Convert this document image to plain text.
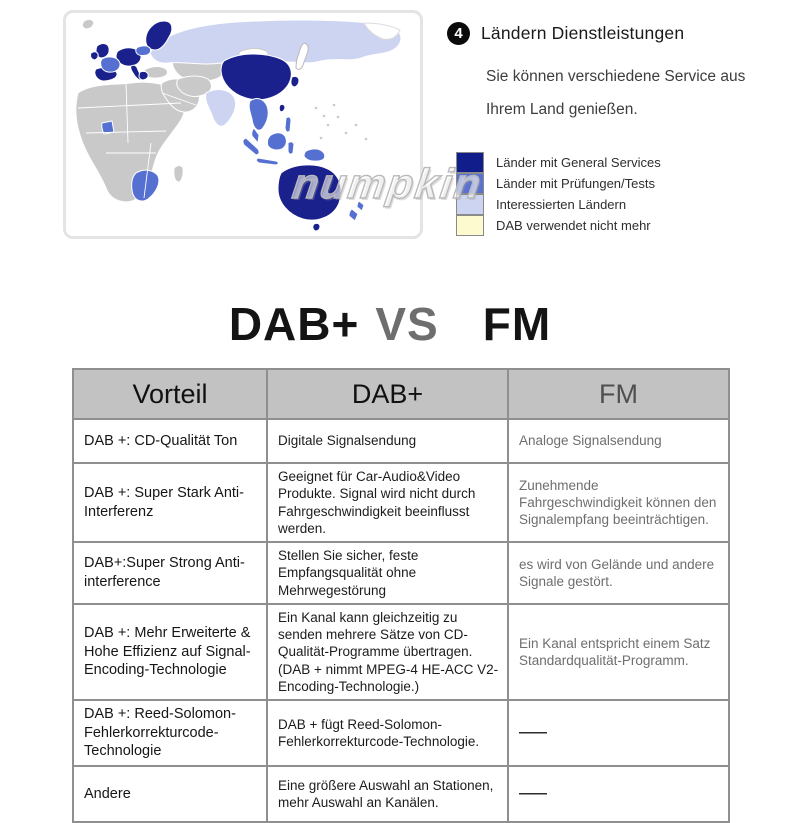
numpkin
4	Ländern Dienstleistungen
Sie können verschiedene Service aus
Ihrem Land genießen.
Länder mit General Services
Länder mit Prüfungen/Tests
Interessierten Ländern
DAB verwendet nicht mehr
DAB+ VS FM
Vorteil	DAB+	FM
DAB +: CD-Qualität Ton	Digitale Signalsendung	Analoge Signalsendung
DAB +: Super Stark Anti-Interferenz	Geeignet für Car-Audio&Video Produkte. Signal wird nicht durch Fahrgeschwindigkeit beeinflusst werden.	Zunehmende Fahrgeschwindigkeit können den Signalempfang beeinträchtigen.
DAB+:Super Strong Anti-interference	Stellen Sie sicher, feste Empfangsqualität ohne Mehrwegestörung	es wird von Gelände und andere Signale gestört.
DAB +: Mehr Erweiterte & Hohe Effizienz auf Signal-Encoding-Technologie	Ein Kanal kann gleichzeitig zu senden mehrere Sätze von CD-Qualität-Programme übertragen. (DAB + nimmt MPEG-4 HE-ACC V2-Encoding-Technologie.)	Ein Kanal entspricht einem Satz Standardqualität-Programm.
DAB +: Reed-Solomon-Fehlerkorrekturcode-Technologie	DAB + fügt Reed-Solomon-Fehlerkorrekturcode-Technologie.	——
Andere	Eine größere Auswahl an Stationen, mehr Auswahl an Kanälen.	——
